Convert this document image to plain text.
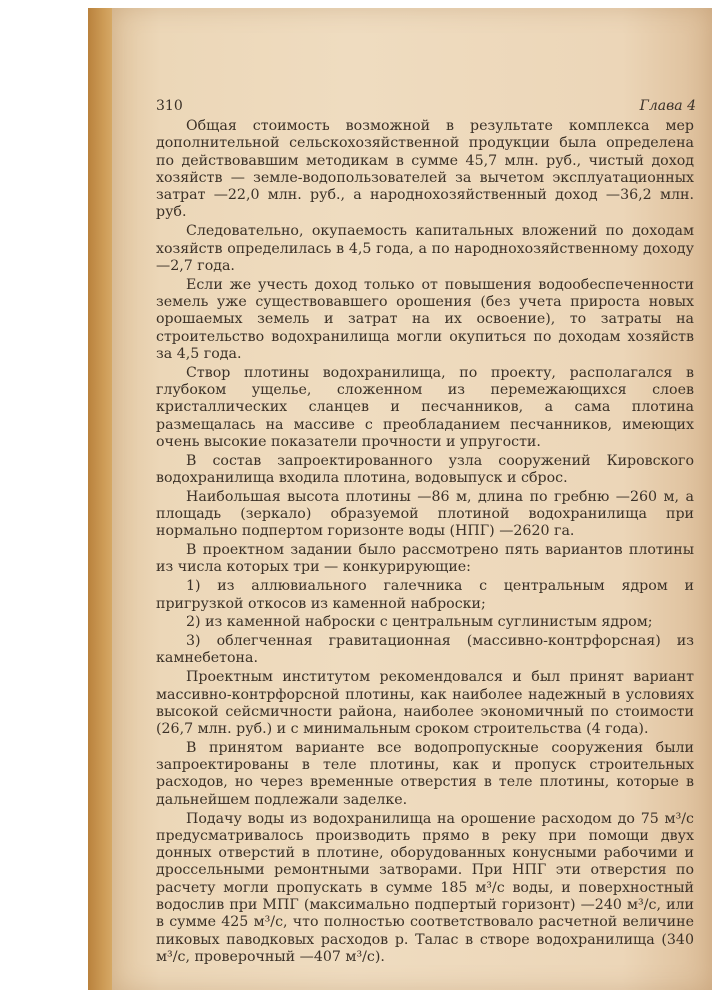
310	Глава 4

Общая стоимость возможной в результате комплекса мер дополнительной сельскохозяйственной продукции была определена по действовавшим методикам в сумме 45,7 млн. руб., чистый доход хозяйств — земле-водопользователей за вычетом эксплуатационных затрат —22,0 млн. руб., а народнохозяйственный доход —36,2 млн. руб.

Следовательно, окупаемость капитальных вложений по доходам хозяйств определилась в 4,5 года, а по народнохозяйственному доходу —2,7 года.

Если же учесть доход только от повышения водообеспеченности земель уже существовавшего орошения (без учета прироста новых орошаемых земель и затрат на их освоение), то затраты на строительство водохранилища могли окупиться по доходам хозяйств за 4,5 года.

Створ плотины водохранилища, по проекту, располагался в глубоком ущелье, сложенном из перемежающихся слоев кристаллических сланцев и песчанников, а сама плотина размещалась на массиве с преобладанием песчанников, имеющих очень высокие показатели прочности и упругости.

В состав запроектированного узла сооружений Кировского водохранилища входила плотина, водовыпуск и сброс.

Наибольшая высота плотины —86 м, длина по гребню —260 м, а площадь (зеркало) образуемой плотиной водохранилища при нормально подпертом горизонте воды (НПГ) —2620 га.

В проектном задании было рассмотрено пять вариантов плотины из числа которых три — конкурирующие:

1) из аллювиального галечника с центральным ядром и пригрузкой откосов из каменной наброски;

2) из каменной наброски с центральным суглинистым ядром;

3) облегченная гравитационная (массивно-контрфорсная) из камнебетона.

Проектным институтом рекомендовался и был принят вариант массивно-контрфорсной плотины, как наиболее надежный в условиях высокой сейсмичности района, наиболее экономичный по стоимости (26,7 млн. руб.) и с минимальным сроком строительства (4 года).

В принятом варианте все водопропускные сооружения были запроектированы в теле плотины, как и пропуск строительных расходов, но через временные отверстия в теле плотины, которые в дальнейшем подлежали заделке.

Подачу воды из водохранилища на орошение расходом до 75 м³/с предусматривалось производить прямо в реку при помощи двух донных отверстий в плотине, оборудованных конусными рабочими и дроссельными ремонтными затворами. При НПГ эти отверстия по расчету могли пропускать в сумме 185 м³/с воды, и поверхностный водослив при МПГ (максимально подпертый горизонт) —240 м³/с, или в сумме 425 м³/с, что полностью соответствовало расчетной величине пиковых паводковых расходов р. Талас в створе водохранилища (340 м³/с, проверочный —407 м³/с).
